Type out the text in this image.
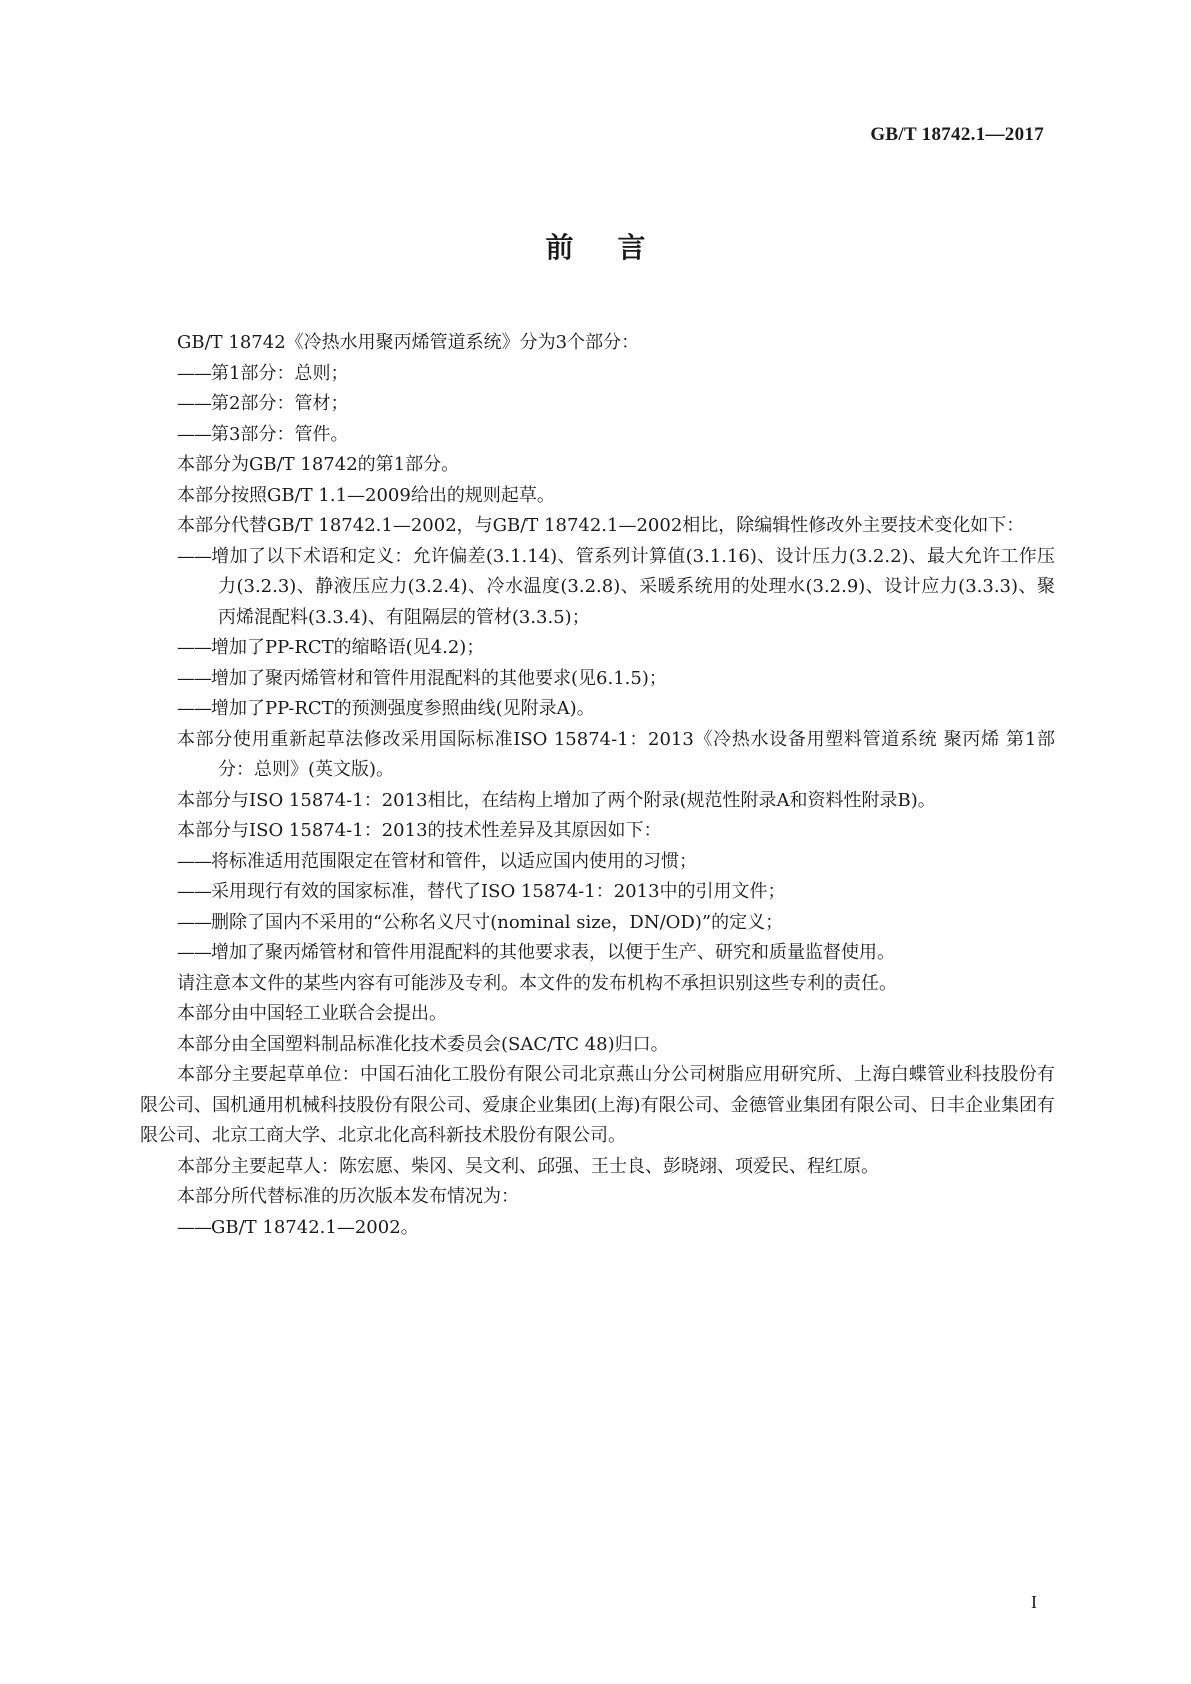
GB/T 18742.1—2017
前言

GB/T 18742《冷热水用聚丙烯管道系统》分为3个部分：

——第1部分：总则；

——第2部分：管材；

——第3部分：管件。

本部分为GB/T 18742的第1部分。

本部分按照GB/T 1.1—2009给出的规则起草。

本部分代替GB/T 18742.1—2002，与GB/T 18742.1—2002相比，除编辑性修改外主要技术变化如下：

——增加了以下术语和定义：允许偏差(3.1.14)、管系列计算值(3.1.16)、设计压力(3.2.2)、最大允许工作压力(3.2.3)、静液压应力(3.2.4)、冷水温度(3.2.8)、采暖系统用的处理水(3.2.9)、设计应力(3.3.3)、聚丙烯混配料(3.3.4)、有阻隔层的管材(3.3.5)；

——增加了PP-RCT的缩略语(见4.2)；

——增加了聚丙烯管材和管件用混配料的其他要求(见6.1.5)；

——增加了PP-RCT的预测强度参照曲线(见附录A)。

本部分使用重新起草法修改采用国际标准ISO 15874-1：2013《冷热水设备用塑料管道系统 聚丙烯 第1部分：总则》(英文版)。

本部分与ISO 15874-1：2013相比，在结构上增加了两个附录(规范性附录A和资料性附录B)。

本部分与ISO 15874-1：2013的技术性差异及其原因如下：

——将标准适用范围限定在管材和管件，以适应国内使用的习惯；

——采用现行有效的国家标准，替代了ISO 15874-1：2013中的引用文件；

——删除了国内不采用的“公称名义尺寸(nominal size，DN/OD)”的定义；

——增加了聚丙烯管材和管件用混配料的其他要求表，以便于生产、研究和质量监督使用。

请注意本文件的某些内容有可能涉及专利。本文件的发布机构不承担识别这些专利的责任。

本部分由中国轻工业联合会提出。

本部分由全国塑料制品标准化技术委员会(SAC/TC 48)归口。

本部分主要起草单位：中国石油化工股份有限公司北京燕山分公司树脂应用研究所、上海白蝶管业科技股份有限公司、国机通用机械科技股份有限公司、爱康企业集团(上海)有限公司、金德管业集团有限公司、日丰企业集团有限公司、北京工商大学、北京北化高科新技术股份有限公司。

本部分主要起草人：陈宏愿、柴冈、吴文利、邱强、王士良、彭晓翊、项爱民、程红原。

本部分所代替标准的历次版本发布情况为：

——GB/T 18742.1—2002。

I
